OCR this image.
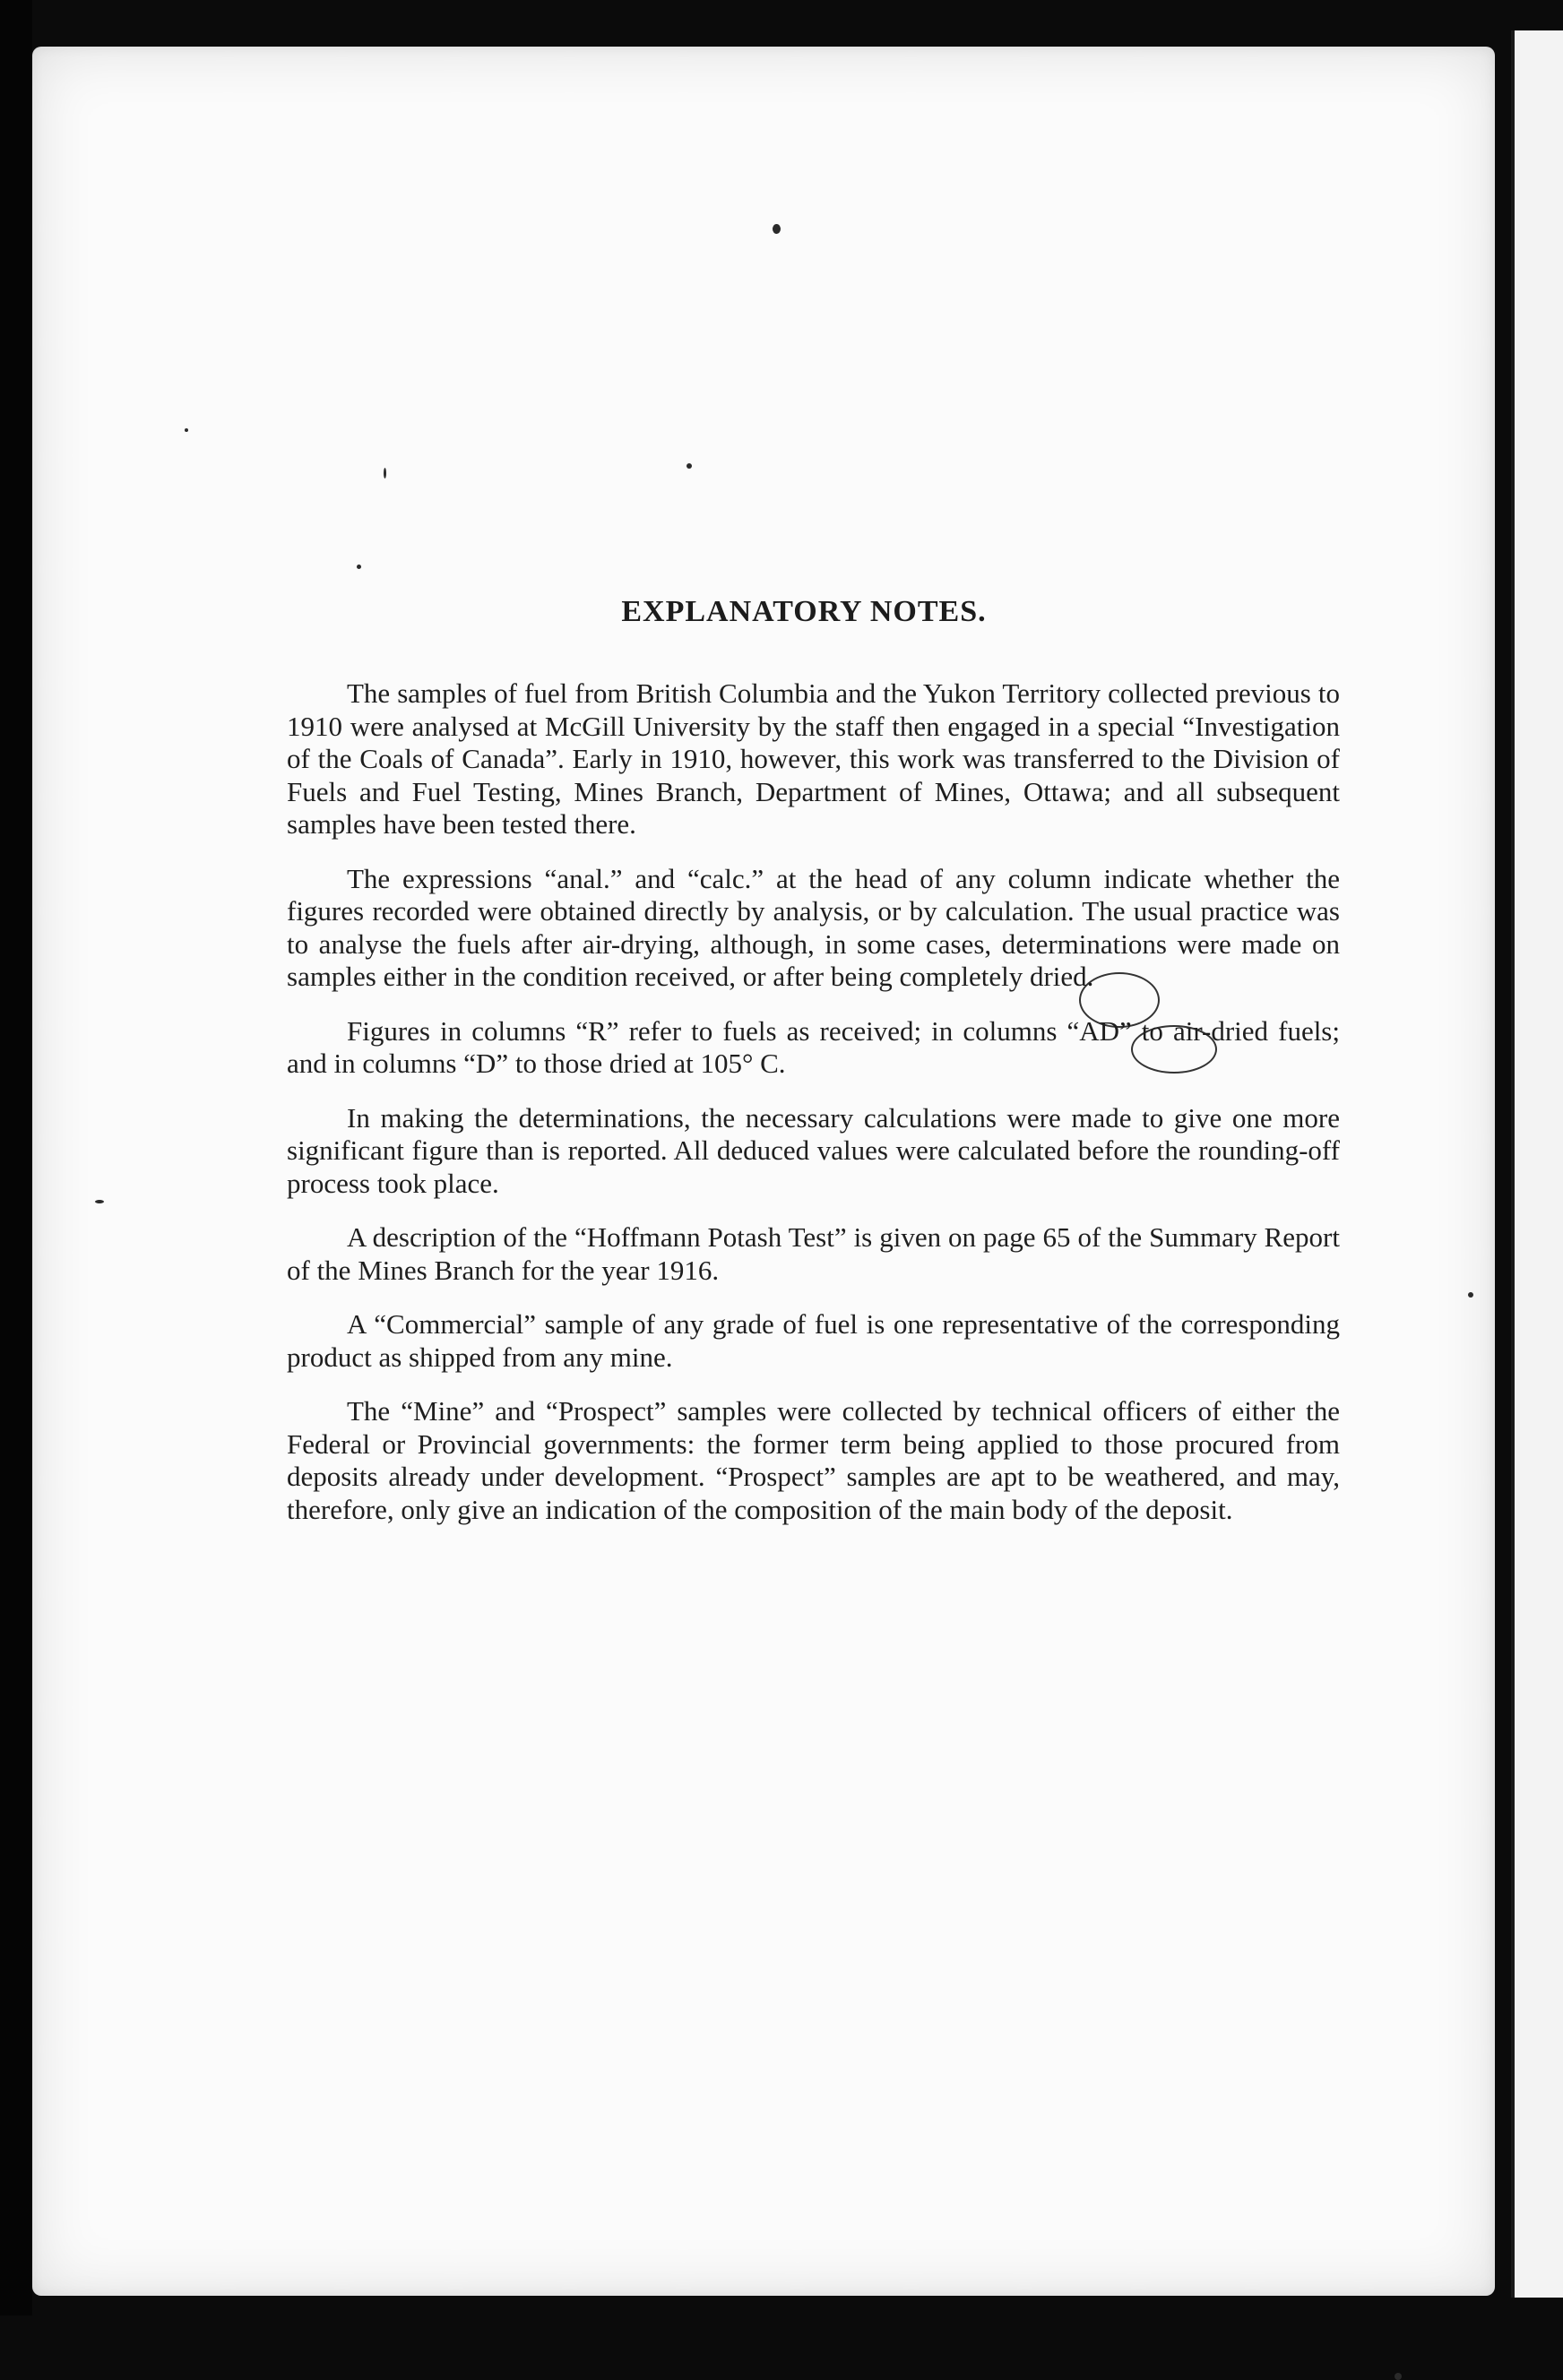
EXPLANATORY NOTES.

The samples of fuel from British Columbia and the Yukon Territory collected previous to 1910 were analysed at McGill University by the staff then engaged in a special “Investigation of the Coals of Canada”. Early in 1910, however, this work was transferred to the Division of Fuels and Fuel Testing, Mines Branch, Department of Mines, Ottawa; and all subsequent samples have been tested there.

The expressions “anal.” and “calc.” at the head of any column indicate whether the figures recorded were obtained directly by analysis, or by calculation. The usual practice was to analyse the fuels after air-drying, although, in some cases, determinations were made on samples either in the condition received, or after being completely dried.

Figures in columns “R” refer to fuels as received; in columns “AD” to air-dried fuels; and in columns “D” to those dried at 105° C.

In making the determinations, the necessary calculations were made to give one more significant figure than is reported. All deduced values were calculated before the rounding-off process took place.

A description of the “Hoffmann Potash Test” is given on page 65 of the Summary Report of the Mines Branch for the year 1916.

A “Commercial” sample of any grade of fuel is one representative of the corresponding product as shipped from any mine.

The “Mine” and “Prospect” samples were collected by technical officers of either the Federal or Provincial governments: the former term being applied to those procured from deposits already under development. “Prospect” samples are apt to be weathered, and may, therefore, only give an indication of the composition of the main body of the deposit.
